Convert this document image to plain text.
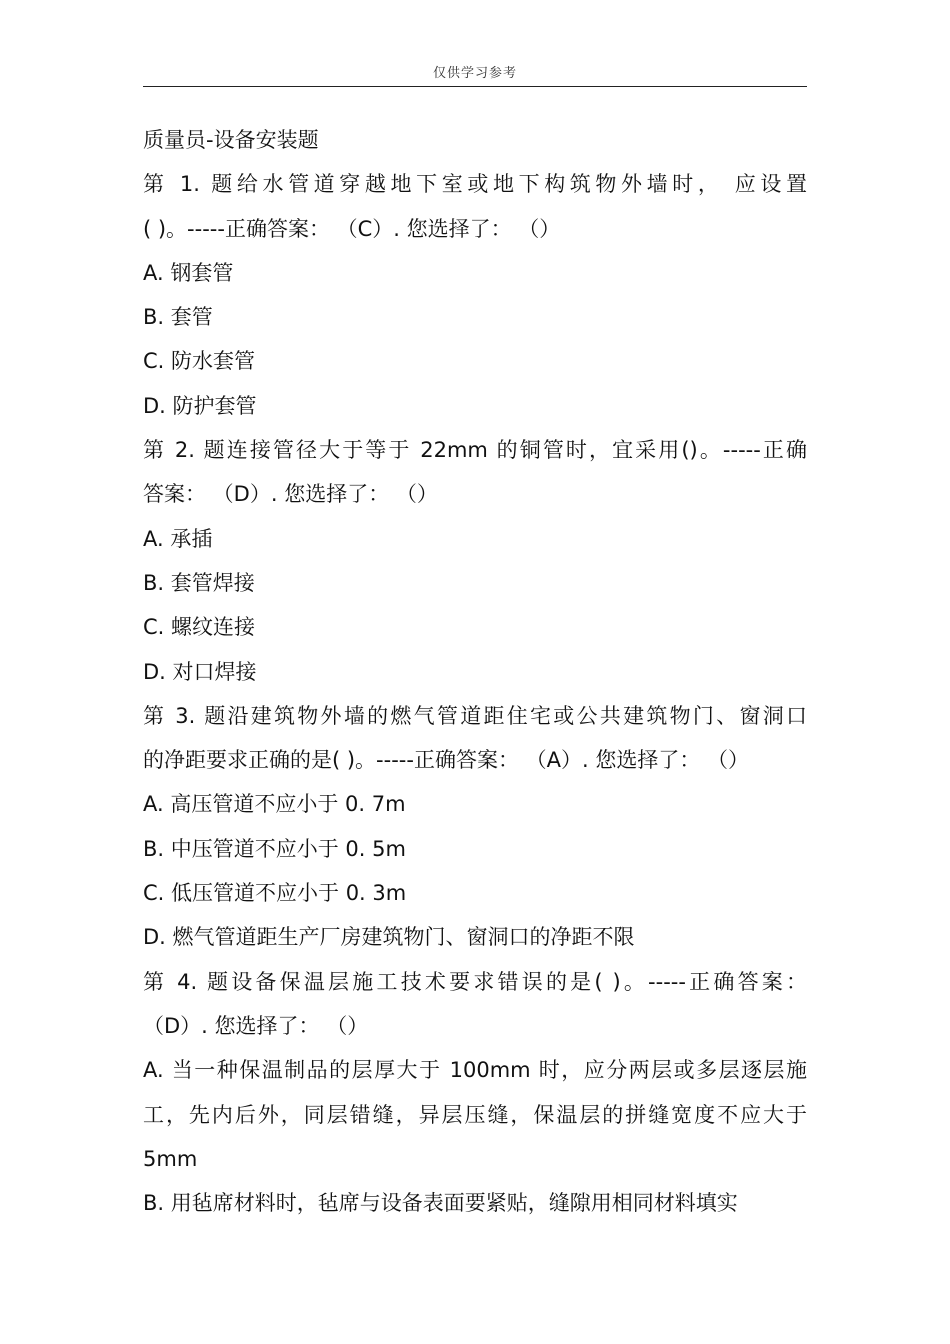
仅供学习参考
质量员-设备安装题
第 1. 题给水管道穿越地下室或地下构筑物外墙时， 应设置
( )。-----正确答案： （C）. 您选择了： （）
A. 钢套管
B. 套管
C. 防水套管
D. 防护套管
第 2. 题连接管径大于等于 22mm 的铜管时，宜采用()。-----正确
答案： （D）. 您选择了： （）
A. 承插
B. 套管焊接
C. 螺纹连接
D. 对口焊接
第 3. 题沿建筑物外墙的燃气管道距住宅或公共建筑物门、窗洞口
的净距要求正确的是( )。-----正确答案： （A）. 您选择了： （）
A. 高压管道不应小于 0. 7m
B. 中压管道不应小于 0. 5m
C. 低压管道不应小于 0. 3m
D. 燃气管道距生产厂房建筑物门、窗洞口的净距不限
第 4. 题设备保温层施工技术要求错误的是( )。-----正确答案：
（D）. 您选择了： （）
A. 当一种保温制品的层厚大于 100mm 时，应分两层或多层逐层施
工，先内后外，同层错缝，异层压缝，保温层的拼缝宽度不应大于
5mm
B. 用毡席材料时，毡席与设备表面要紧贴，缝隙用相同材料填实
